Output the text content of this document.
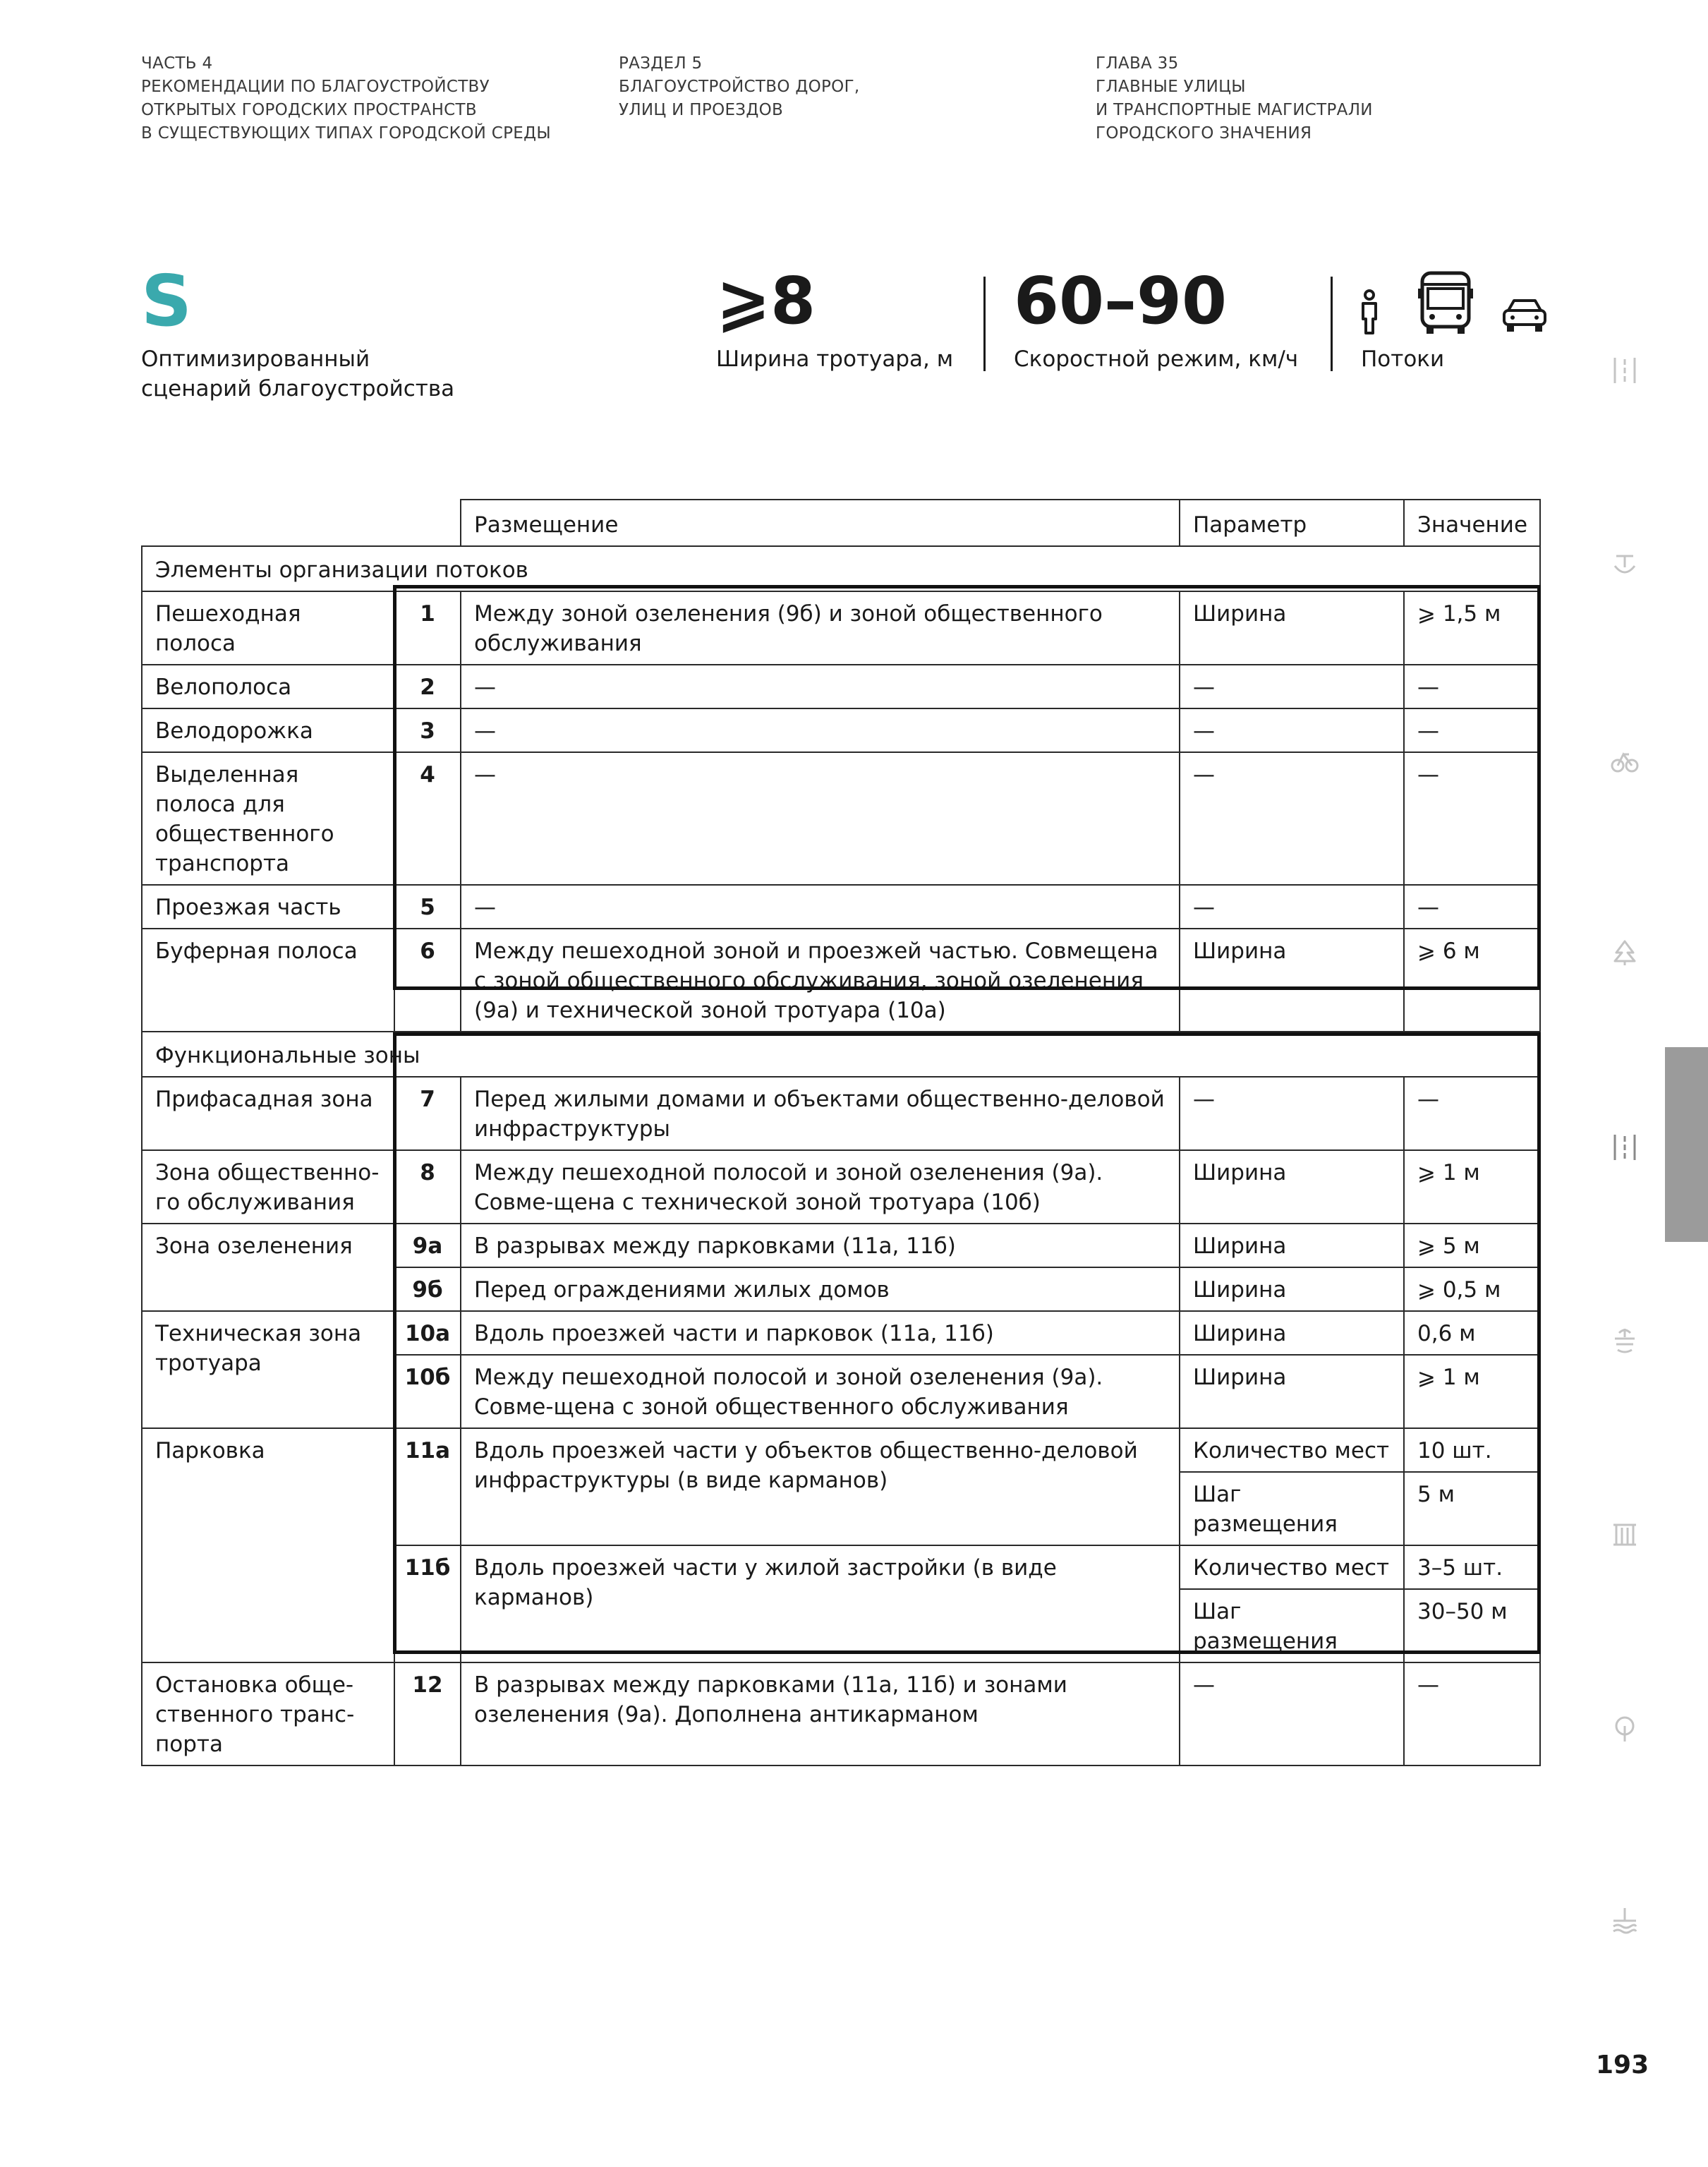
ЧАСТЬ 4
РЕКОМЕНДАЦИИ ПО БЛАГОУСТРОЙСТВУ
ОТКРЫТЫХ ГОРОДСКИХ ПРОСТРАНСТВ
В СУЩЕСТВУЮЩИХ ТИПАХ ГОРОДСКОЙ СРЕДЫ
РАЗДЕЛ 5
БЛАГОУСТРОЙСТВО ДОРОГ,
УЛИЦ И ПРОЕЗДОВ
ГЛАВА 35
ГЛАВНЫЕ УЛИЦЫ
И ТРАНСПОРТНЫЕ МАГИСТРАЛИ
ГОРОДСКОГО ЗНАЧЕНИЯ
S
Оптимизированный
сценарий благоустройства
⩾8
Ширина тротуара, м
60–90
Скоростной режим, км/ч	Потоки
		Размещение	Параметр	Значение
Элементы организации потоков				
Пешеходная полоса	1	Между зоной озеленения (9б) и зоной общественного обслуживания	Ширина	⩾ 1,5 м
Велополоса	2	—	—	—
Велодорожка	3	—	—	—
Выделенная полоса для общественного транспорта	4	—	—	—
Проезжая часть	5	—	—	—
Буферная полоса	6	Между пешеходной зоной и проезжей частью. Совмещена с зоной общественного обслуживания, зоной озеленения (9а) и технической зоной тротуара (10а)	Ширина	⩾ 6 м
Функциональные зоны				
Прифасадная зона	7	Перед жилыми домами и объектами общественно-деловой инфраструктуры	—	—
Зона общественно-го обслуживания	8	Между пешеходной полосой и зоной озеленения (9а). Совме-щена с технической зоной тротуара (10б)	Ширина	⩾ 1 м
Зона озеленения	9а	В разрывах между парковками (11а, 11б)	Ширина	⩾ 5 м
	9б	Перед ограждениями жилых домов	Ширина	⩾ 0,5 м
Техническая зона тротуара	10а	Вдоль проезжей части и парковок (11а, 11б)	Ширина	0,6 м
	10б	Между пешеходной полосой и зоной озеленения (9а). Совме-щена с зоной общественного обслуживания	Ширина	⩾ 1 м
Парковка	11а	Вдоль проезжей части у объектов общественно-деловой инфраструктуры (в виде карманов)	Количество мест	10 шт.
			Шаг размещения	5 м
	11б	Вдоль проезжей части у жилой застройки (в виде карманов)	Количество мест	3–5 шт.
			Шаг размещения	30–50 м
Остановка обще-ственного транс-порта	12	В разрывах между парковками (11а, 11б) и зонами озеленения (9а). Дополнена антикарманом	—	—
193
